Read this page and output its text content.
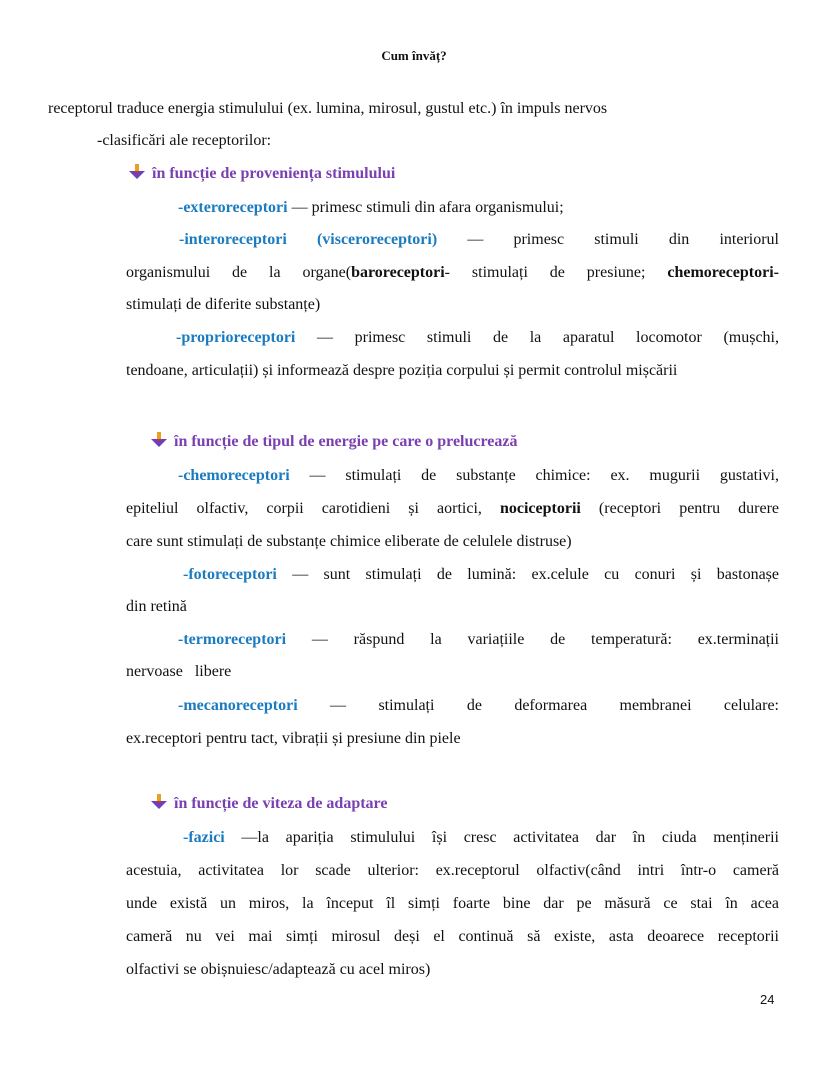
Cum învăț?
receptorul traduce energia stimulului (ex. lumina, mirosul, gustul etc.) în impuls nervos
-clasificări ale receptorilor:
în funcție de proveniența stimulului
-exteroreceptori — primesc stimuli din afara organismului;
-interoreceptori (visceroreceptori) — primesc stimuli din interiorul
organismului de la organe(baroreceptori- stimulați de presiune; chemoreceptori-
stimulați de diferite substanțe)
-proprioreceptori — primesc stimuli de la aparatul locomotor (mușchi,
tendoane, articulații) și informează despre poziția corpului și permit controlul mișcării
în funcție de tipul de energie pe care o prelucrează
-chemoreceptori — stimulați de substanțe chimice: ex. mugurii gustativi,
epiteliul olfactiv, corpii carotidieni și aortici, nociceptorii (receptori pentru durere
care sunt stimulați de substanțe chimice eliberate de celulele distruse)
-fotoreceptori — sunt stimulați de lumină: ex.celule cu conuri și bastonașe
din retină
-termoreceptori — răspund la variațiile de temperatură: ex.terminații
nervoase   libere
-mecanoreceptori — stimulați de deformarea membranei celulare:
ex.receptori pentru tact, vibrații și presiune din piele
în funcție de viteza de adaptare
-fazici —la apariția stimulului își cresc activitatea dar în ciuda menținerii
acestuia, activitatea lor scade ulterior: ex.receptorul olfactiv(când intri într-o cameră
unde există un miros, la început îl simți foarte bine dar pe măsură ce stai în acea
cameră nu vei mai simți mirosul deși el continuă să existe, asta deoarece receptorii
olfactivi se obișnuiesc/adaptează cu acel miros)
24
